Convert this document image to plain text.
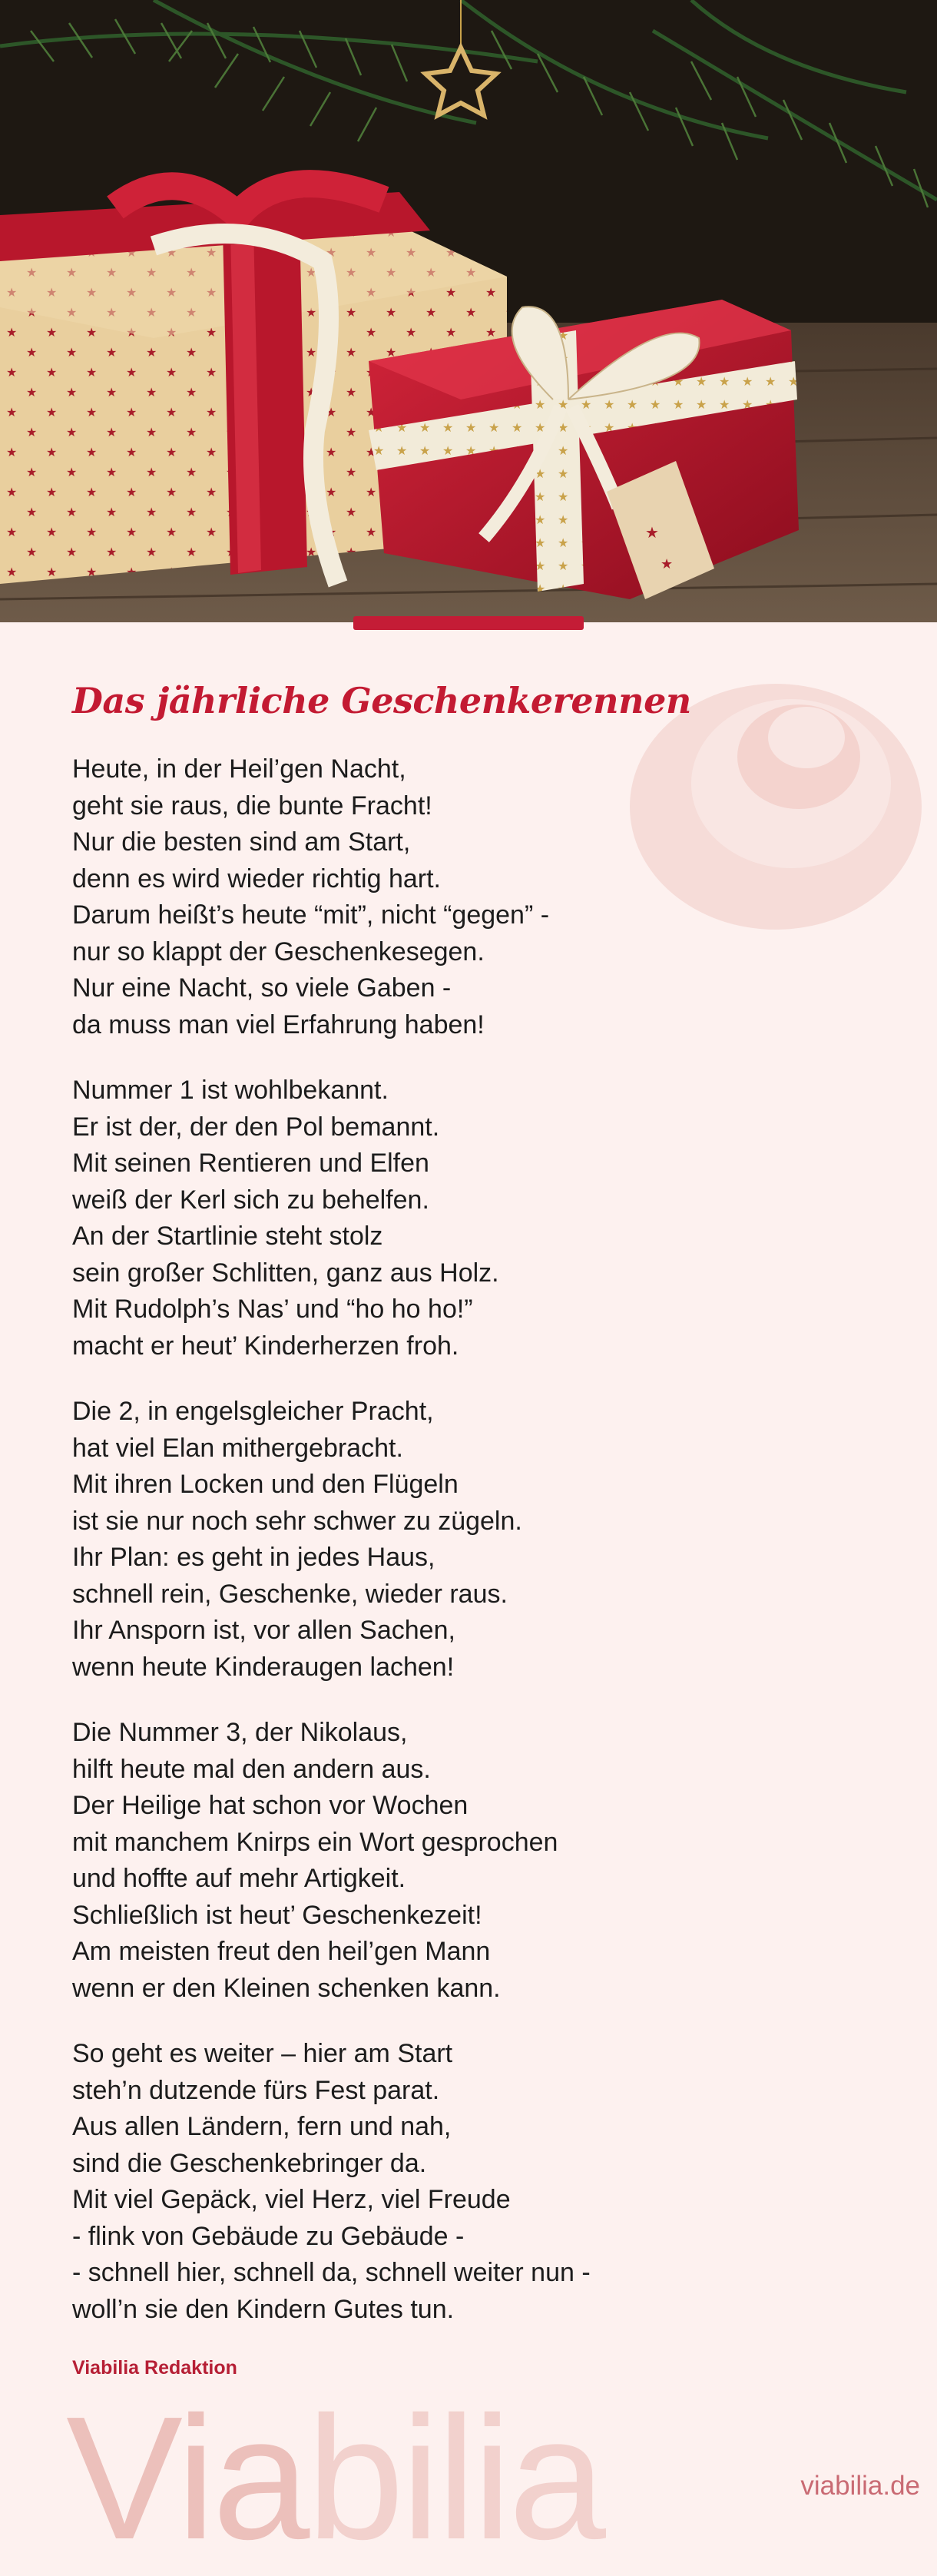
★
★
Das jährliche Geschenkerennen

Heute, in der Heil’gen Nacht,
geht sie raus, die bunte Fracht!
Nur die besten sind am Start,
denn es wird wieder richtig hart.
Darum heißt’s heute “mit”, nicht “gegen” -
nur so klappt der Geschenkesegen.
Nur eine Nacht, so viele Gaben -
da muss man viel Erfahrung haben!

Nummer 1 ist wohlbekannt.
Er ist der, der den Pol bemannt.
Mit seinen Rentieren und Elfen
weiß der Kerl sich zu behelfen.
An der Startlinie steht stolz
sein großer Schlitten, ganz aus Holz.
Mit Rudolph’s Nas’ und “ho ho ho!”
macht er heut’ Kinderherzen froh.

Die 2, in engelsgleicher Pracht,
hat viel Elan mithergebracht.
Mit ihren Locken und den Flügeln
ist sie nur noch sehr schwer zu zügeln.
Ihr Plan: es geht in jedes Haus,
schnell rein, Geschenke, wieder raus.
Ihr Ansporn ist, vor allen Sachen,
wenn heute Kinderaugen lachen!

Die Nummer 3, der Nikolaus,
hilft heute mal den andern aus.
Der Heilige hat schon vor Wochen
mit manchem Knirps ein Wort gesprochen
und hoffte auf mehr Artigkeit.
Schließlich ist heut’ Geschenkezeit!
Am meisten freut den heil’gen Mann
wenn er den Kleinen schenken kann.

So geht es weiter – hier am Start
steh’n dutzende fürs Fest parat.
Aus allen Ländern, fern und nah,
sind die Geschenkebringer da.
Mit viel Gepäck, viel Herz, viel Freude
- flink von Gebäude zu Gebäude -
- schnell hier, schnell da, schnell weiter nun -
woll’n sie den Kindern Gutes tun.

Viabilia Redaktion
Viabilia	viabilia.de
